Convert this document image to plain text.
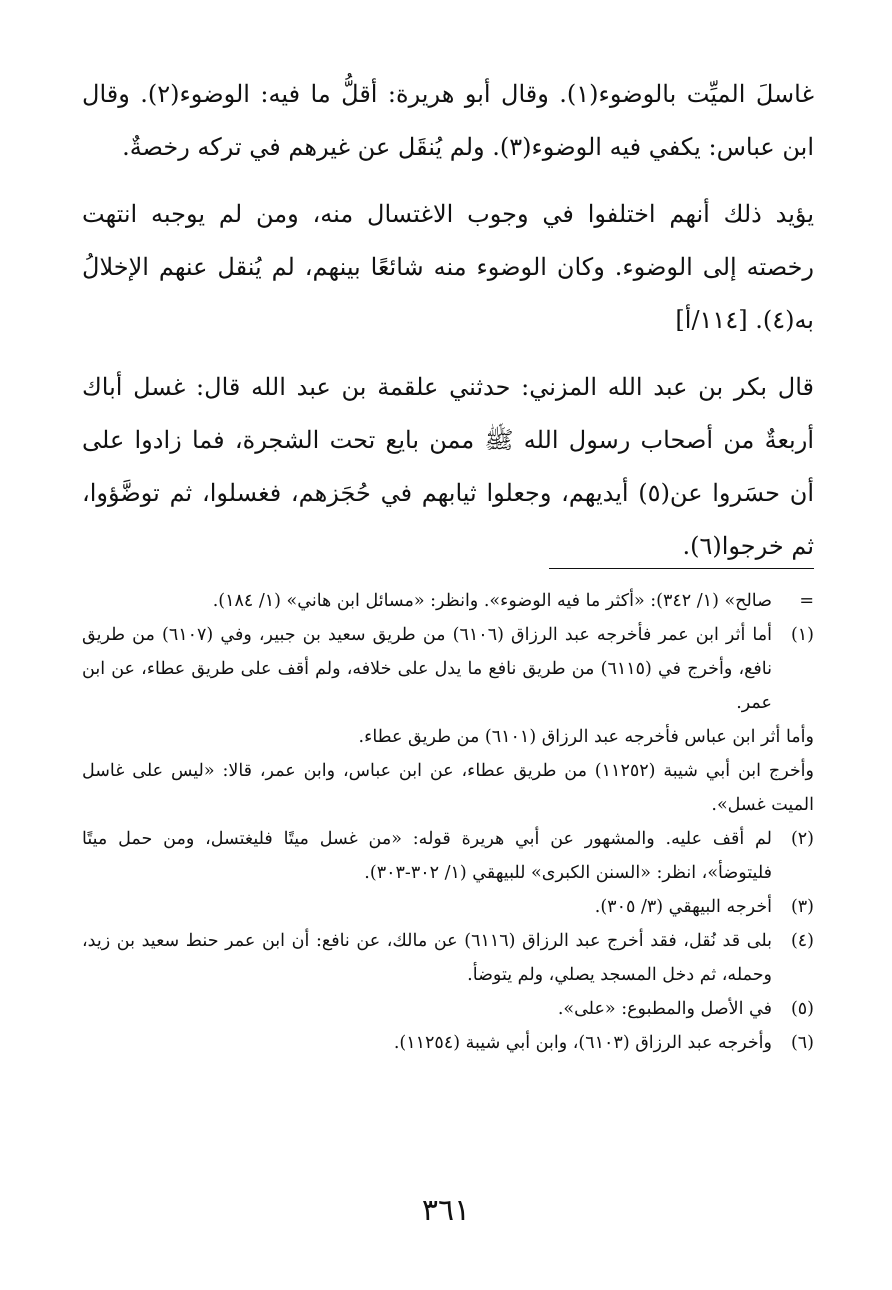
غاسلَ الميِّت بالوضوء(١). وقال أبو هريرة: أقلُّ ما فيه: الوضوء(٢). وقال ابن عباس: يكفي فيه الوضوء(٣). ولم يُنقَل عن غيرهم في تركه رخصةٌ.

يؤيد ذلك أنهم اختلفوا في وجوب الاغتسال منه، ومن لم يوجبه انتهت رخصته إلى الوضوء. وكان الوضوء منه شائعًا بينهم، لم يُنقل عنهم الإخلالُ به(٤). [١١٤/أ]

قال بكر بن عبد الله المزني: حدثني علقمة بن عبد الله قال: غسل أباك أربعةٌ من أصحاب رسول الله ﷺ ممن بايع تحت الشجرة، فما زادوا على أن حسَروا عن(٥) أيديهم، وجعلوا ثيابهم في حُجَزهم، فغسلوا، ثم توضَّؤوا، ثم خرجوا(٦).

=
صالح» (١/ ٣٤٢): «أكثر ما فيه الوضوء». وانظر: «مسائل ابن هاني» (١/ ١٨٤).
(١)
أما أثر ابن عمر فأخرجه عبد الرزاق (٦١٠٦) من طريق سعيد بن جبير، وفي (٦١٠٧) من طريق نافع، وأخرج في (٦١١٥) من طريق نافع ما يدل على خلافه، ولم أقف على طريق عطاء، عن ابن عمر.
وأما أثر ابن عباس فأخرجه عبد الرزاق (٦١٠١) من طريق عطاء.
وأخرج ابن أبي شيبة (١١٢٥٢) من طريق عطاء، عن ابن عباس، وابن عمر، قالا: «ليس على غاسل الميت غسل».
(٢)
لم أقف عليه. والمشهور عن أبي هريرة قوله: «من غسل ميتًا فليغتسل، ومن حمل ميتًا فليتوضأ»، انظر: «السنن الكبرى» للبيهقي (١/ ٣٠٢-٣٠٣).
(٣)
أخرجه البيهقي (٣/ ٣٠٥).
(٤)
بلى قد نُقل، فقد أخرج عبد الرزاق (٦١١٦) عن مالك، عن نافع: أن ابن عمر حنط سعيد بن زيد، وحمله، ثم دخل المسجد يصلي، ولم يتوضأ.
(٥)
في الأصل والمطبوع: «على».
(٦)
وأخرجه عبد الرزاق (٦١٠٣)، وابن أبي شيبة (١١٢٥٤).
٣٦١
